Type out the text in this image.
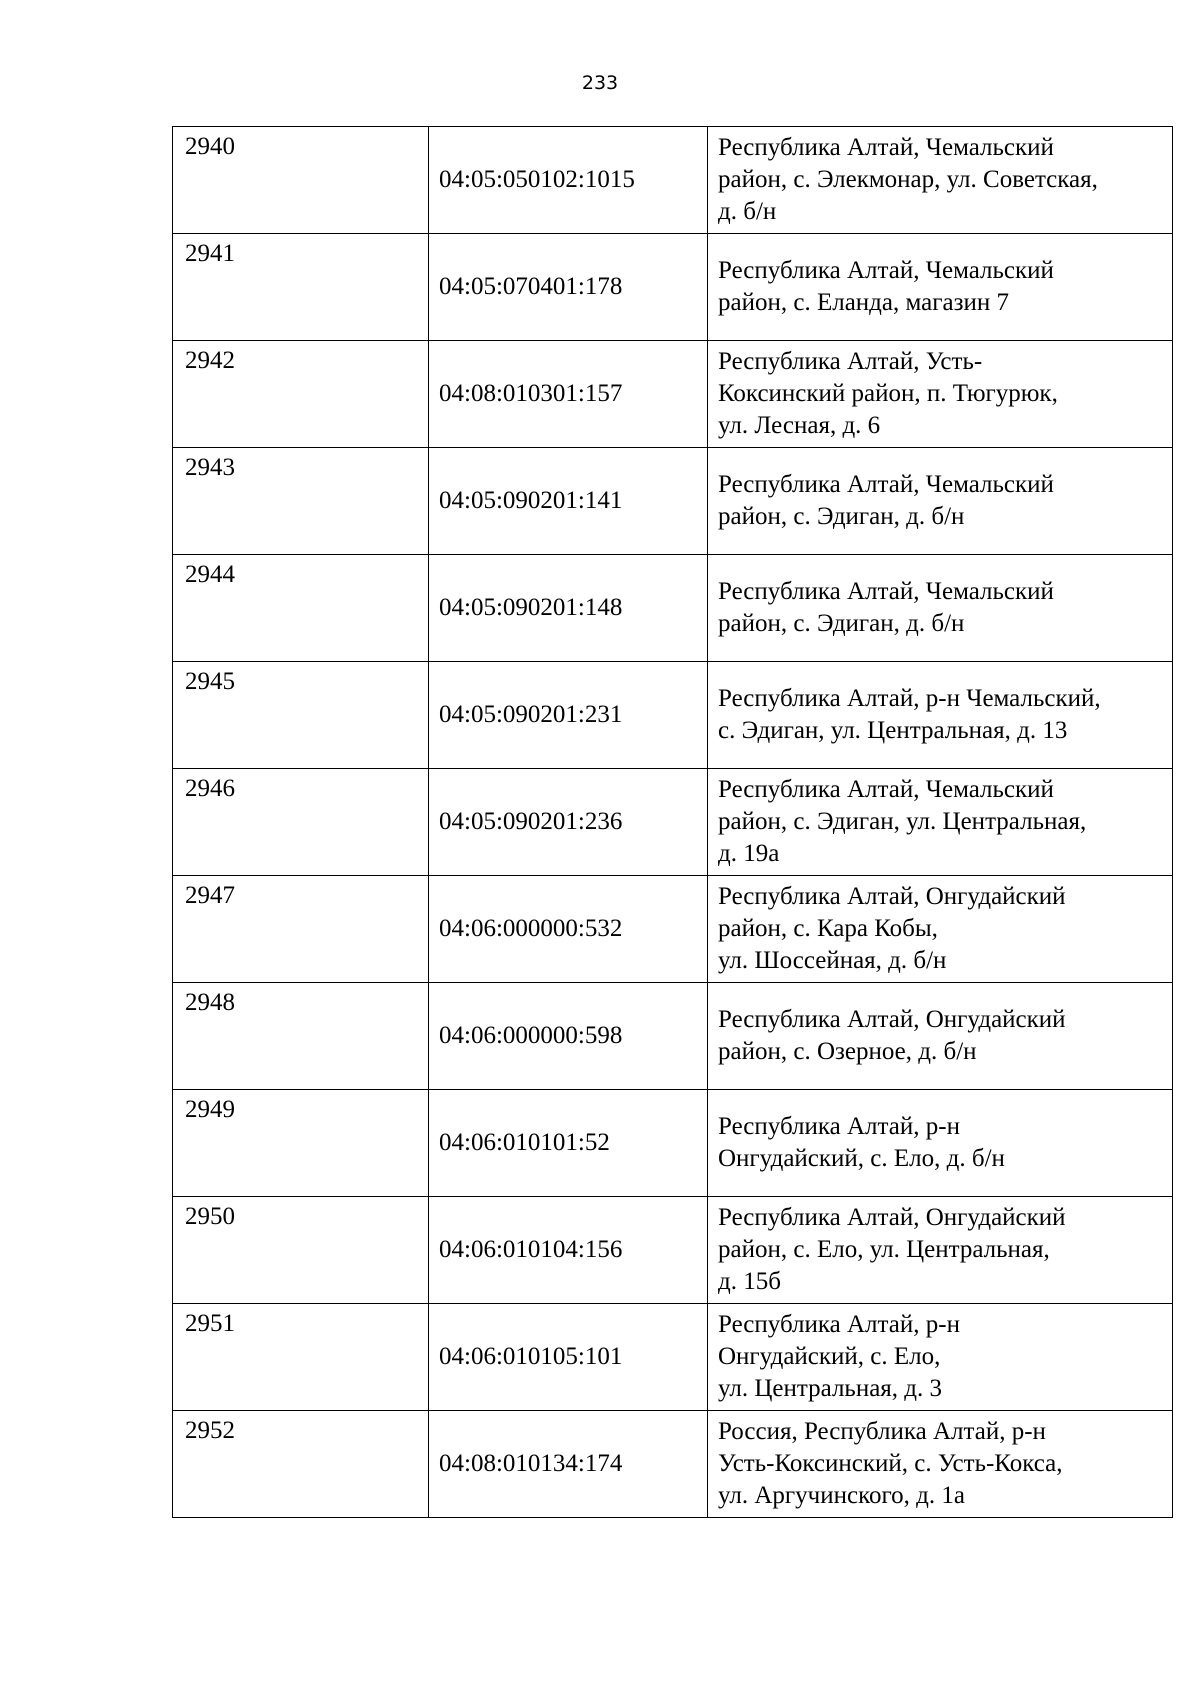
233
2940	04:05:050102:1015	Республика Алтай, Чемальский
район, с. Элекмонар, ул. Советская,
д. б/н

2941	04:05:070401:178	Республика Алтай, Чемальский
район, с. Еланда, магазин 7

2942	04:08:010301:157	Республика Алтай, Усть-
Коксинский район, п. Тюгурюк,
ул. Лесная, д. 6

2943	04:05:090201:141	Республика Алтай, Чемальский
район, с. Эдиган, д. б/н

2944	04:05:090201:148	Республика Алтай, Чемальский
район, с. Эдиган, д. б/н

2945	04:05:090201:231	Республика Алтай, р-н Чемальский,
с. Эдиган, ул. Центральная, д. 13

2946	04:05:090201:236	Республика Алтай, Чемальский
район, с. Эдиган, ул. Центральная,
д. 19а

2947	04:06:000000:532	Республика Алтай, Онгудайский
район, с. Кара Кобы,
ул. Шоссейная, д. б/н

2948	04:06:000000:598	Республика Алтай, Онгудайский
район, с. Озерное, д. б/н

2949	04:06:010101:52	Республика Алтай, р-н
Онгудайский, с. Ело, д. б/н

2950	04:06:010104:156	Республика Алтай, Онгудайский
район, с. Ело, ул. Центральная,
д. 15б

2951	04:06:010105:101	Республика Алтай, р-н
Онгудайский, с. Ело,
ул. Центральная, д. 3

2952	04:08:010134:174	Россия, Республика Алтай, р-н
Усть-Коксинский, с. Усть-Кокса,
ул. Аргучинского, д. 1а
